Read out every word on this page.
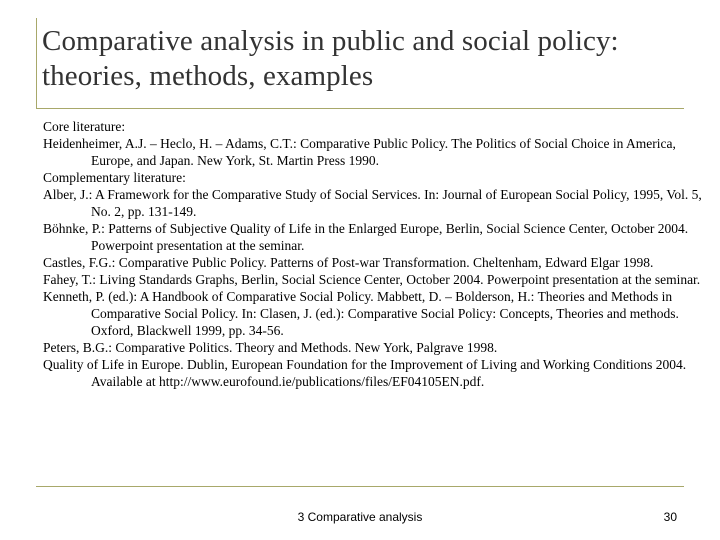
Comparative analysis in public and social policy:
theories, methods, examples
Core literature:
Heidenheimer, A.J. – Heclo, H. – Adams, C.T.: Comparative Public Policy. The Politics of Social Choice in America, Europe, and Japan. New York, St. Martin Press 1990.
Complementary literature:
Alber, J.: A Framework for the Comparative Study of Social Services. In: Journal of European Social Policy, 1995, Vol. 5, No. 2, pp. 131-149.
Böhnke, P.: Patterns of Subjective Quality of Life in the Enlarged Europe, Berlin, Social Science Center, October 2004. Powerpoint presentation at the seminar.
Castles, F.G.: Comparative Public Policy. Patterns of Post-war Transformation. Cheltenham, Edward Elgar 1998.
Fahey, T.: Living Standards Graphs, Berlin, Social Science Center, October 2004. Powerpoint presentation at the seminar.
Kenneth, P. (ed.): A Handbook of Comparative Social Policy. Mabbett, D. – Bolderson, H.: Theories and Methods in Comparative Social Policy. In: Clasen, J. (ed.): Comparative Social Policy: Concepts, Theories and methods. Oxford, Blackwell 1999, pp. 34-56.
Peters, B.G.: Comparative Politics. Theory and Methods. New York, Palgrave 1998.
Quality of Life in Europe. Dublin, European Foundation for the Improvement of Living and Working Conditions 2004. Available at http://www.eurofound.ie/publications/files/EF04105EN.pdf.
3 Comparative analysis	30
